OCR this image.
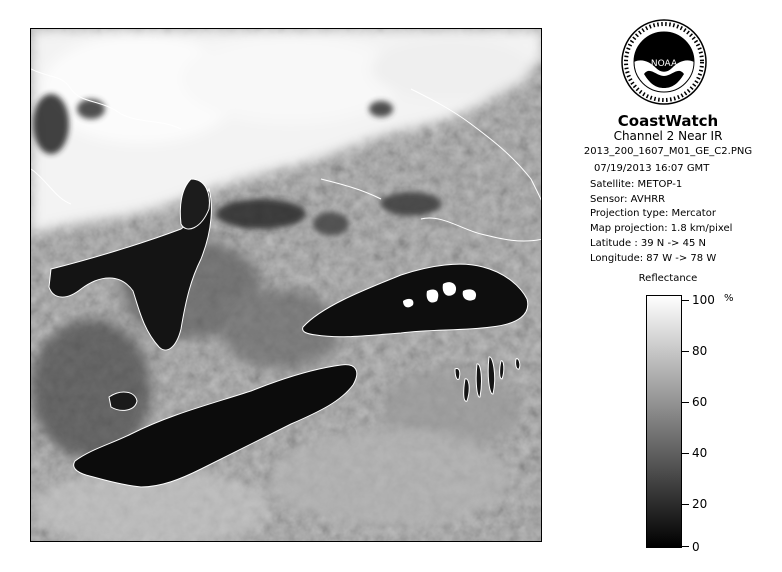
NOAA
CoastWatch
Channel 2 Near IR
2013_200_1607_M01_GE_C2.PNG
07/19/2013 16:07 GMT
Satellite: METOP-1
Sensor: AVHRR
Projection type: Mercator
Map projection: 1.8 km/pixel
Latitude : 39 N -> 45 N
Longitude: 87 W -> 78 W
Reflectance
%
100
80
60
40
20
0
